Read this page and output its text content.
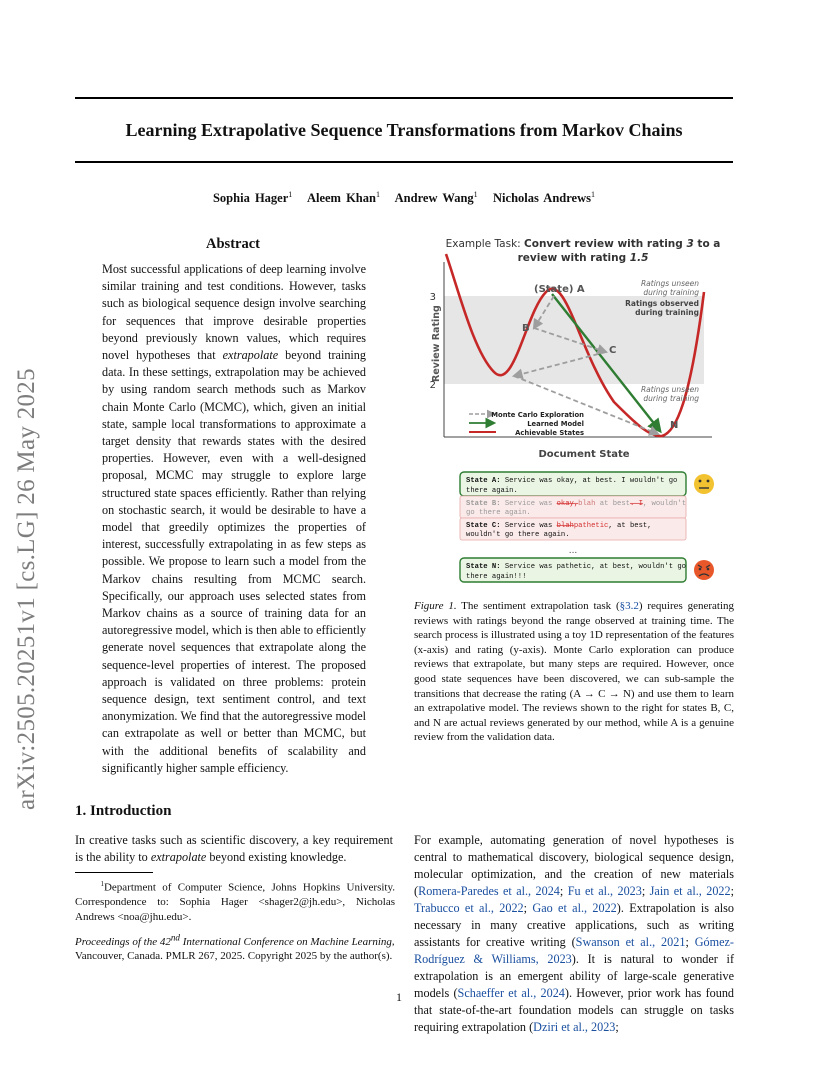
arXiv:2505.20251v1 [cs.LG] 26 May 2025
Learning Extrapolative Sequence Transformations from Markov Chains
Sophia Hager$^1$ Aleem Khan$^1$ Andrew Wang$^1$ Nicholas Andrews$^1$
Abstract
Most successful applications of deep learning involve similar training and test conditions. However, tasks such as biological sequence design involve searching for sequences that improve desirable properties beyond previously known values, which requires novel hypotheses that extrapolate beyond training data. In these settings, extrapolation may be achieved by using random search methods such as Markov chain Monte Carlo (MCMC), which, given an initial state, sample local transformations to approximate a target density that rewards states with the desired properties. However, even with a well-designed proposal, MCMC may struggle to explore large structured state spaces efficiently. Rather than relying on stochastic search, it would be desirable to have a model that greedily optimizes the properties of interest, successfully extrapolating in as few steps as possible. We propose to learn such a model from the Markov chains resulting from MCMC search. Specifically, our approach uses selected states from Markov chains as a source of training data for an autoregressive model, which is then able to efficiently generate novel sequences that extrapolate along the sequence-level properties of interest. The proposed approach is validated on three problems: protein sequence design, text sentiment control, and text anonymization. We find that the autoregressive model can extrapolate as well or better than MCMC, but with the additional benefits of scalability and significantly higher sample efficiency.
1. Introduction
In creative tasks such as scientific discovery, a key requirement is the ability to extrapolate beyond existing knowledge.
$^1$Department of Computer Science, Johns Hopkins University. Correspondence to: Sophia Hager <shager2@jh.edu>, Nicholas Andrews <noa@jhu.edu>.
Proceedings of the 42nd International Conference on Machine Learning, Vancouver, Canada. PMLR 267, 2025. Copyright 2025 by the author(s).
Example Task: Convert review with rating 3 to a
review with rating 1.5
Review Rating
Document State
3
2
(State) A
B
C
N
Ratings unseen
during training
Ratings observed
during training
Ratings unseen
during training
Monte Carlo Exploration
Learned Model
Achievable States
State A: Service was okay, at best. I wouldn't go
there again.
State B: Service was okay,blah at best. I, wouldn't
go there again.
State C: Service was blahpathetic, at best,
wouldn't go there again.
...
State N: Service was pathetic, at best, wouldn't go
there again!!!
Figure 1. The sentiment extrapolation task (§3.2) requires generating reviews with ratings beyond the range observed at training time. The search process is illustrated using a toy 1D representation of the features (x-axis) and rating (y-axis). Monte Carlo exploration can produce reviews that extrapolate, but many steps are required. However, once good state sequences have been discovered, we can sub-sample the transitions that decrease the rating (A → C → N) and use them to learn an extrapolative model. The reviews shown to the right for states B, C, and N are actual reviews generated by our method, while A is a genuine review from the validation data.
For example, automating generation of novel hypotheses is central to mathematical discovery, biological sequence design, molecular optimization, and the creation of new materials (Romera-Paredes et al., 2024; Fu et al., 2023; Jain et al., 2022; Trabucco et al., 2022; Gao et al., 2022). Extrapolation is also necessary in many creative applications, such as writing assistants for creative writing (Swanson et al., 2021; Gómez-Rodríguez & Williams, 2023). It is natural to wonder if extrapolation is an emergent ability of large-scale generative models (Schaeffer et al., 2024). However, prior work has found that state-of-the-art foundation models can struggle on tasks requiring extrapolation (Dziri et al., 2023;
1
